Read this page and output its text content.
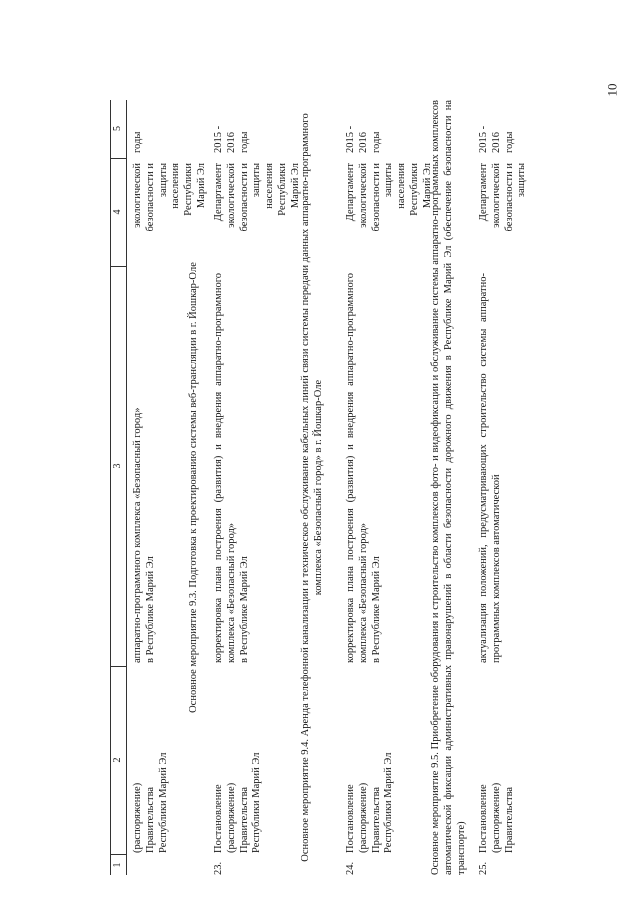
10
1
2
3
4
5
(распоряжение)
Правительства
Республики Марий Эл
аппаратно-программного комплекса «Безопасный город»
в Республике Марий Эл
экологической
безопасности и защиты
населения Республики
Марий Эл
годы
Основное мероприятие 9.3. Подготовка к проектированию системы веб-трансляции в г. Йошкар-Оле
23.
Постановление
(распоряжение)
Правительства
Республики Марий Эл
корректировка плана построения (развития) и внедрения аппаратно-программного комплекса «Безопасный город»
в Республике Марий Эл
Департамент
экологической
безопасности и защиты
населения Республики
Марий Эл
2015 - 2016
годы	Основное мероприятие 9.4. Аренда телефонной канализации и техническое обслуживание кабельных линий связи системы передачи данных аппаратно-программного комплекса «Безопасный город» в г. Йошкар-Оле
24.
Постановление
(распоряжение)
Правительства
Республики Марий Эл
корректировка плана построения (развития) и внедрения аппаратно-программного комплекса «Безопасный город»
в Республике Марий Эл
Департамент
экологической
безопасности и защиты
населения Республики
Марий Эл
2015 - 2016
годы	Основное мероприятие 9.5. Приобретение оборудования и строительство комплексов фото- и видеофиксации и обслуживание системы аппаратно-программных комплексов автоматической фиксации административных правонарушений в области безопасности дорожного движения в Республике Марий Эл (обеспечение безопасности на транспорте) 25.
Постановление
(распоряжение)
Правительства
актуализация положений, предусматривающих строительство системы аппаратно-программных комплексов автоматической
Департамент
экологической
безопасности и защиты
2015 - 2016
годы
